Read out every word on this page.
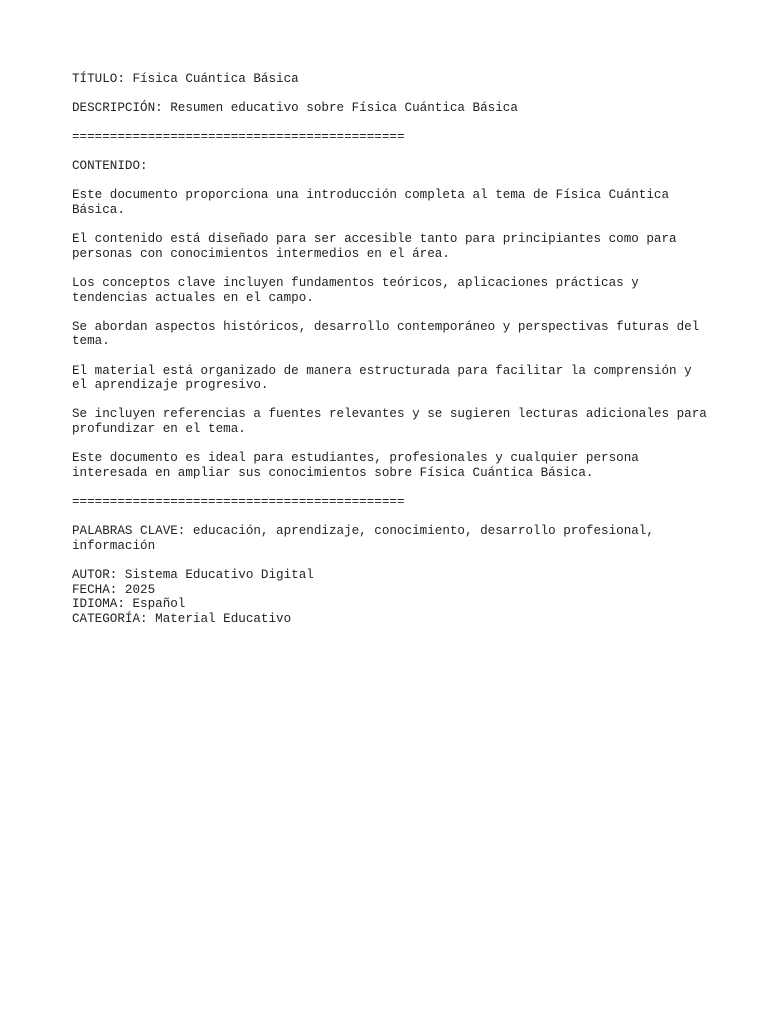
TÍTULO: Física Cuántica Básica

DESCRIPCIÓN: Resumen educativo sobre Física Cuántica Básica

============================================

CONTENIDO:

Este documento proporciona una introducción completa al tema de Física Cuántica Básica.

El contenido está diseñado para ser accesible tanto para principiantes como para personas con conocimientos intermedios en el área.

Los conceptos clave incluyen fundamentos teóricos, aplicaciones prácticas y tendencias actuales en el campo.

Se abordan aspectos históricos, desarrollo contemporáneo y perspectivas futuras del tema.

El material está organizado de manera estructurada para facilitar la comprensión y el aprendizaje progresivo.

Se incluyen referencias a fuentes relevantes y se sugieren lecturas adicionales para profundizar en el tema.

Este documento es ideal para estudiantes, profesionales y cualquier persona interesada en ampliar sus conocimientos sobre Física Cuántica Básica.

============================================

PALABRAS CLAVE: educación, aprendizaje, conocimiento, desarrollo profesional, información

AUTOR: Sistema Educativo Digital

FECHA: 2025

IDIOMA: Español

CATEGORÍA: Material Educativo
